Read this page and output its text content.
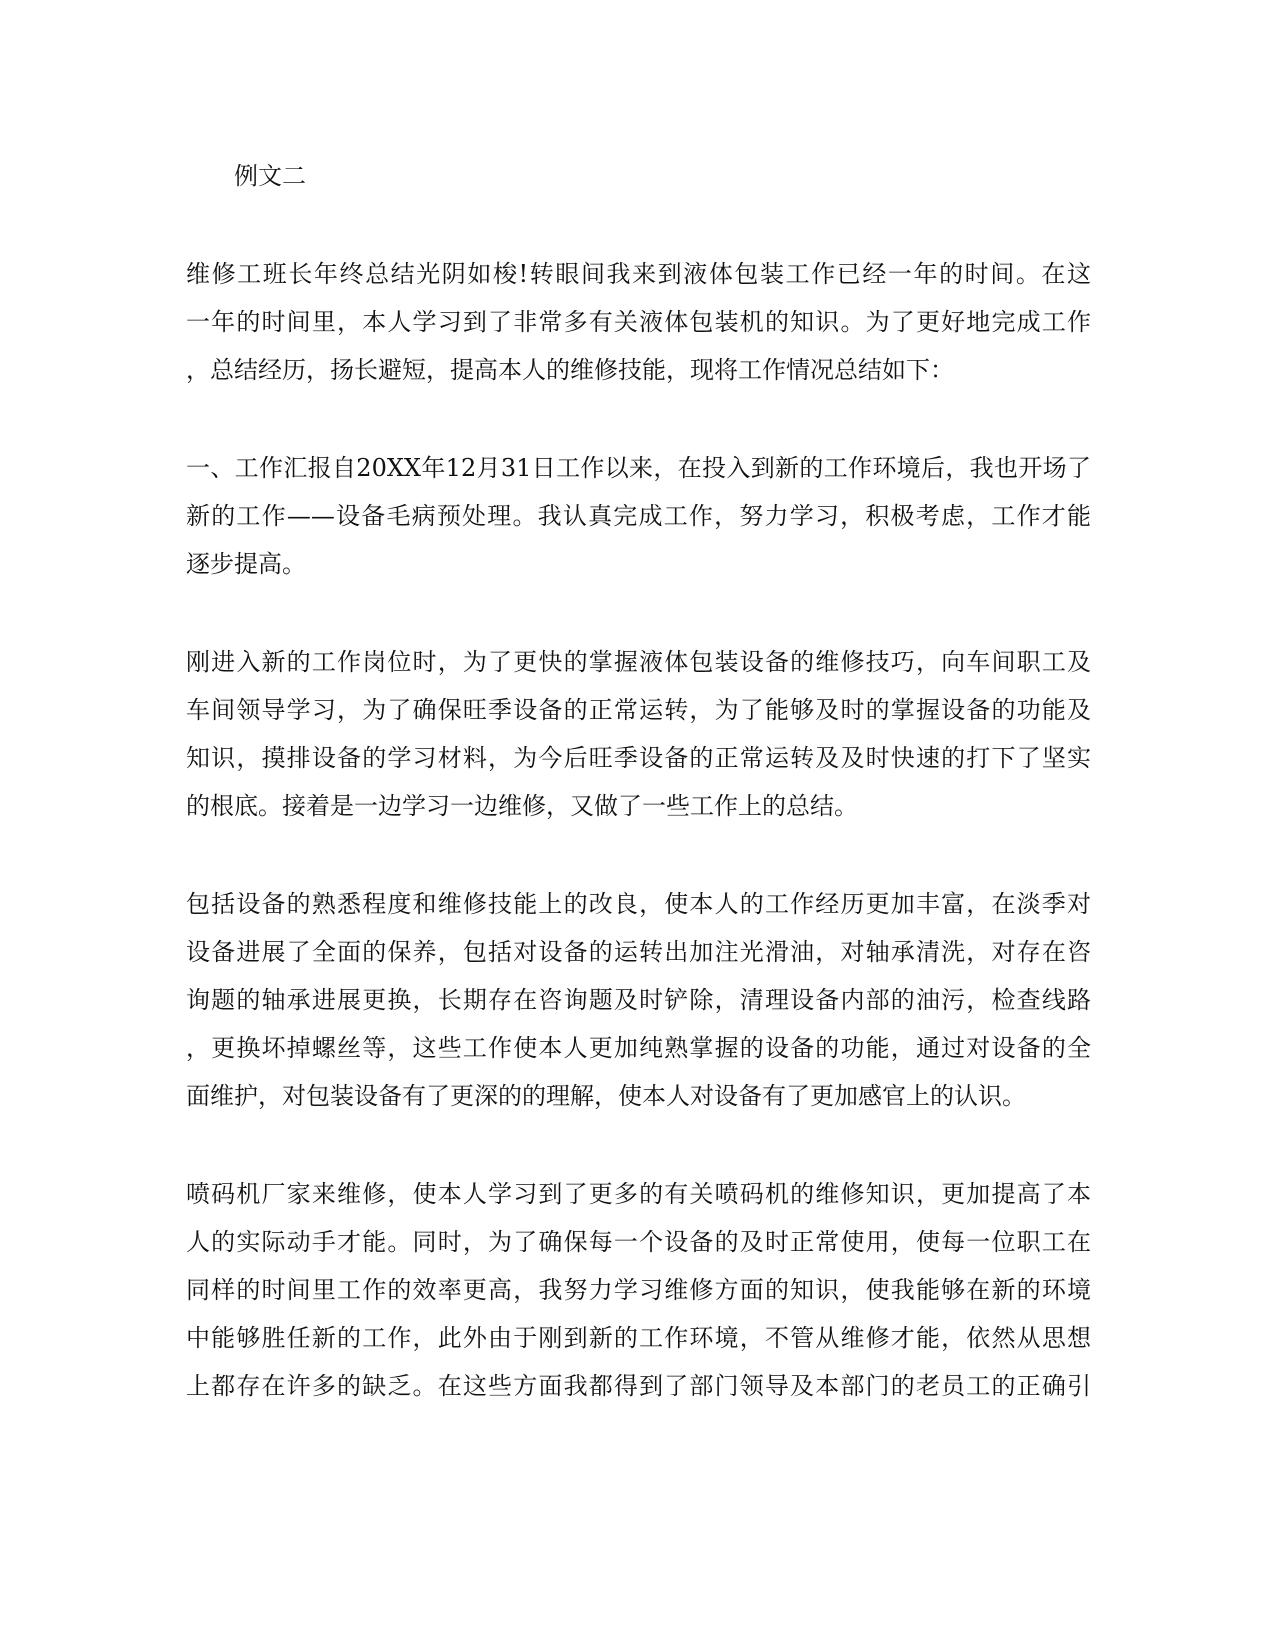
例文二

维修工班长年终总结光阴如梭!转眼间我来到液体包装工作已经一年的时间。在这
一年的时间里，本人学习到了非常多有关液体包装机的知识。为了更好地完成工作
，总结经历，扬长避短，提高本人的维修技能，现将工作情况总结如下：

一、工作汇报自20XX年12月31日工作以来，在投入到新的工作环境后，我也开场了
新的工作——设备毛病预处理。我认真完成工作，努力学习，积极考虑，工作才能
逐步提高。

刚进入新的工作岗位时，为了更快的掌握液体包装设备的维修技巧，向车间职工及
车间领导学习，为了确保旺季设备的正常运转，为了能够及时的掌握设备的功能及
知识，摸排设备的学习材料，为今后旺季设备的正常运转及及时快速的打下了坚实
的根底。接着是一边学习一边维修，又做了一些工作上的总结。

包括设备的熟悉程度和维修技能上的改良，使本人的工作经历更加丰富，在淡季对
设备进展了全面的保养，包括对设备的运转出加注光滑油，对轴承清洗，对存在咨
询题的轴承进展更换，长期存在咨询题及时铲除，清理设备内部的油污，检查线路
，更换坏掉螺丝等，这些工作使本人更加纯熟掌握的设备的功能，通过对设备的全
面维护，对包装设备有了更深的的理解，使本人对设备有了更加感官上的认识。

喷码机厂家来维修，使本人学习到了更多的有关喷码机的维修知识，更加提高了本
人的实际动手才能。同时，为了确保每一个设备的及时正常使用，使每一位职工在
同样的时间里工作的效率更高，我努力学习维修方面的知识，使我能够在新的环境
中能够胜任新的工作，此外由于刚到新的工作环境，不管从维修才能，依然从思想
上都存在许多的缺乏。在这些方面我都得到了部门领导及本部门的老员工的正确引
